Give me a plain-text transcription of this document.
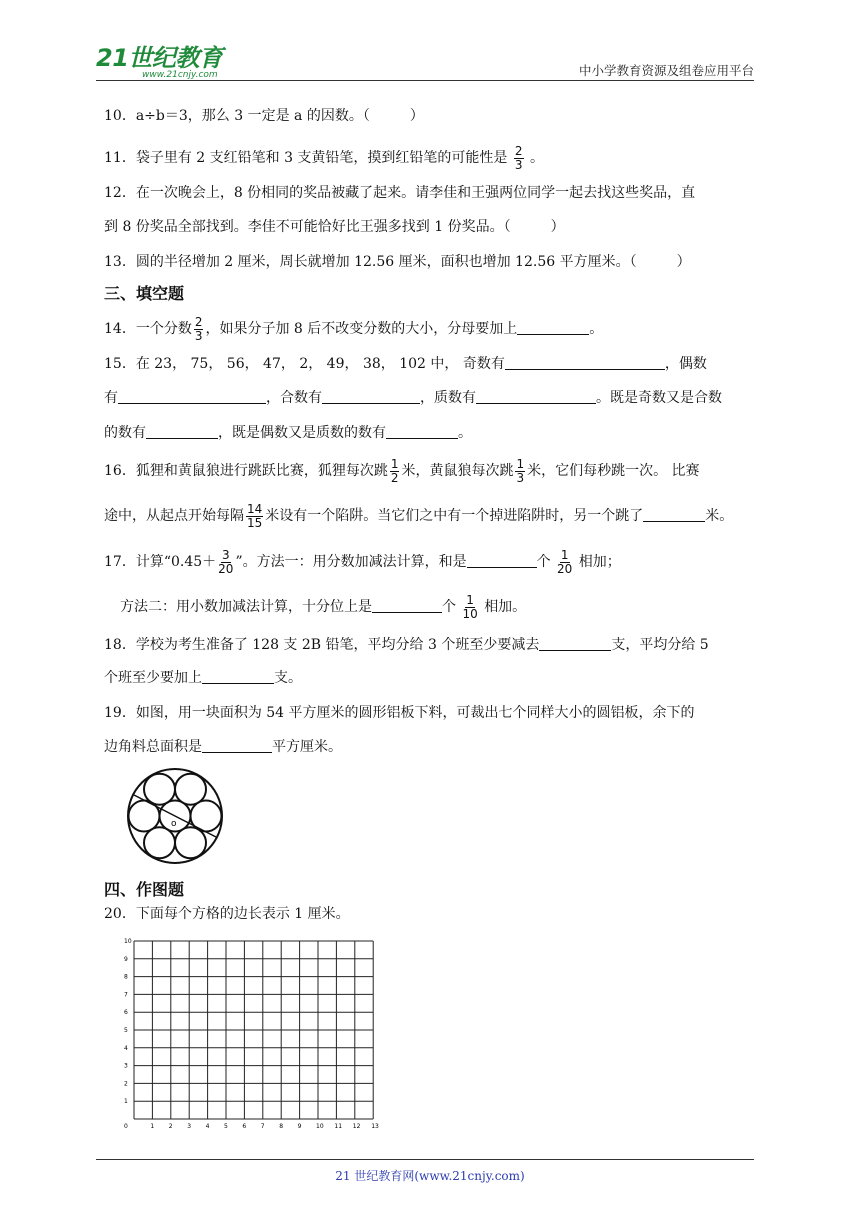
21世纪教育
www.21cnjy.com	中小学教育资源及组卷应用平台
10．a÷b＝3，那么 3 一定是 a 的因数。（	）
11．袋子里有 2 支红铅笔和 3 支黄铅笔，摸到红铅笔的可能性是 $\frac{2}{3}$ 。
12．在一次晚会上，8 份相同的奖品被藏了起来。请李佳和王强两位同学一起去找这些奖品，直
到 8 份奖品全部找到。李佳不可能恰好比王强多找到 1 份奖品。（	）
13．圆的半径增加 2 厘米，周长就增加 12.56 厘米，面积也增加 12.56 平方厘米。（	）
三、填空题
14．一个分数 $\frac{2}{3}$ ，如果分子加 8 后不改变分数的大小，分母要加上	。
15．在 23， 75， 56， 47， 2， 49， 38， 102 中， 奇数有	，偶数
有	，合数有	，质数有	。既是奇数又是合数
的数有	，既是偶数又是质数的数有	。
16．狐狸和黄鼠狼进行跳跃比赛，狐狸每次跳 $\frac{1}{2}$ 米，黄鼠狼每次跳 $\frac{1}{3}$ 米，它们每秒跳一次。 比赛
途中，从起点开始每隔 $\frac{14}{15}$ 米设有一个陷阱。当它们之中有一个掉进陷阱时，另一个跳了	米。
17．计算“$0.45+ \frac{3}{20}$ ”。方法一：用分数加减法计算，和是	个 $\frac{1}{20}$ 相加；
方法二：用小数加减法计算，十分位上是	个 $\frac{1}{10}$ 相加。
18．学校为考生准备了 128 支 2B 铅笔，平均分给 3 个班至少要减去	支，平均分给 5
个班至少要加上	支。
19．如图，用一块面积为 54 平方厘米的圆形铝板下料，可裁出七个同样大小的圆铝板，余下的
边角料总面积是	平方厘米。
o
四、作图题
20．下面每个方格的边长表示 1 厘米。
0	1 2 3 4 5 6 7 8 9 10 11 12 13
1
2
3
4
5
6
7
8
9
10
21 世纪教育网(www.21cnjy.com)
